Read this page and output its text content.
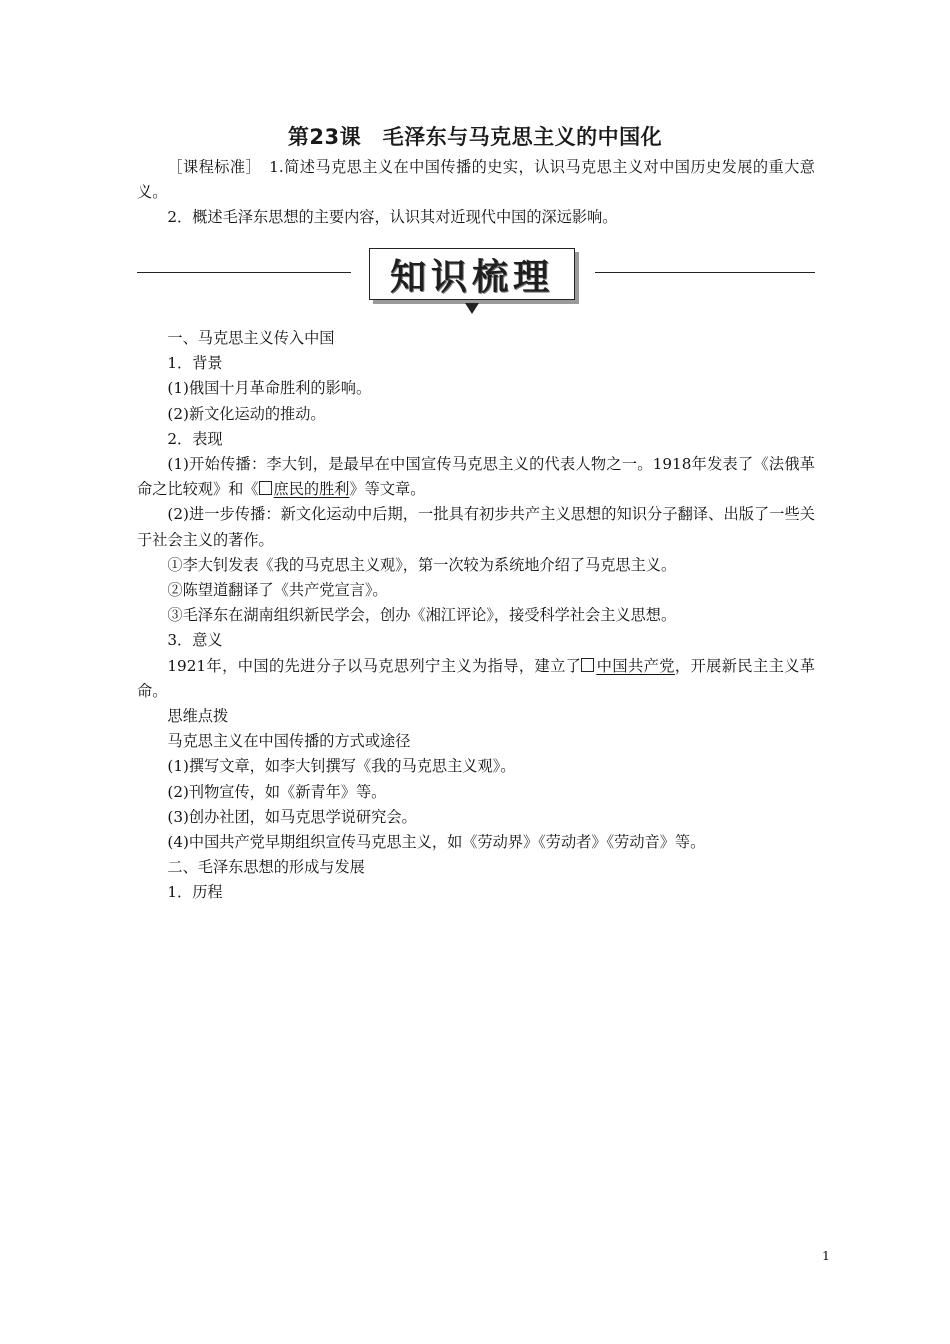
第23课　毛泽东与马克思主义的中国化

［课程标准］　1.简述马克思主义在中国传播的史实，认识马克思主义对中国历史发展的重大意义。

2．概述毛泽东思想的主要内容，认识其对近现代中国的深远影响。

知识梳理

一、马克思主义传入中国

1．背景

(1)俄国十月革命胜利的影响。

(2)新文化运动的推动。

2．表现

(1)开始传播：李大钊，是最早在中国宣传马克思主义的代表人物之一。1918年发表了《法俄革命之比较观》和《 庶民的胜利》等文章。

(2)进一步传播：新文化运动中后期，一批具有初步共产主义思想的知识分子翻译、出版了一些关于社会主义的著作。

①李大钊发表《我的马克思主义观》，第一次较为系统地介绍了马克思主义。

②陈望道翻译了《共产党宣言》。

③毛泽东在湖南组织新民学会，创办《湘江评论》，接受科学社会主义思想。

3．意义

1921年，中国的先进分子以马克思列宁主义为指导，建立了 中国共产党，开展新民主主义革命。

思维点拨

马克思主义在中国传播的方式或途径

(1)撰写文章，如李大钊撰写《我的马克思主义观》。

(2)刊物宣传，如《新青年》等。

(3)创办社团，如马克思学说研究会。

(4)中国共产党早期组织宣传马克思主义，如《劳动界》《劳动者》《劳动音》等。

二、毛泽东思想的形成与发展

1．历程

1
